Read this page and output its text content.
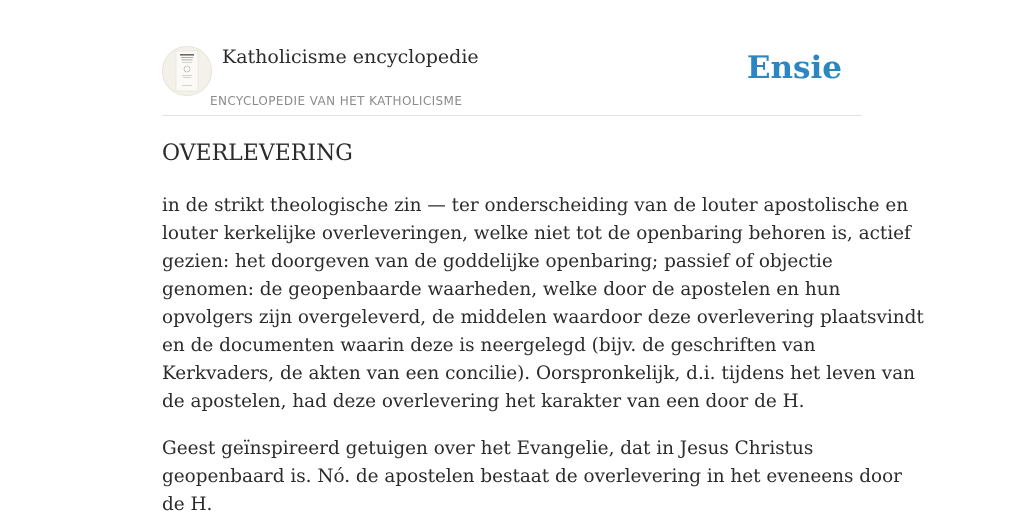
Katholicisme encyclopedie
ENCYCLOPEDIE VAN HET KATHOLICISME
Ensie
OVERLEVERING

in de strikt theologische zin — ter onderscheiding van de louter apostolische en
louter kerkelijke overleveringen, welke niet tot de openbaring behoren is, actief
gezien: het doorgeven van de goddelijke openbaring; passief of objectie
genomen: de geopenbaarde waarheden, welke door de apostelen en hun
opvolgers zijn overgeleverd, de middelen waardoor deze overlevering plaatsvindt
en de documenten waarin deze is neergelegd (bijv. de geschriften van
Kerkvaders, de akten van een concilie). Oorspronkelijk, d.i. tijdens het leven van
de apostelen, had deze overlevering het karakter van een door de H.

Geest geïnspireerd getuigen over het Evangelie, dat in Jesus Christus
geopenbaard is. Nó. de apostelen bestaat de overlevering in het eveneens door
de H.
